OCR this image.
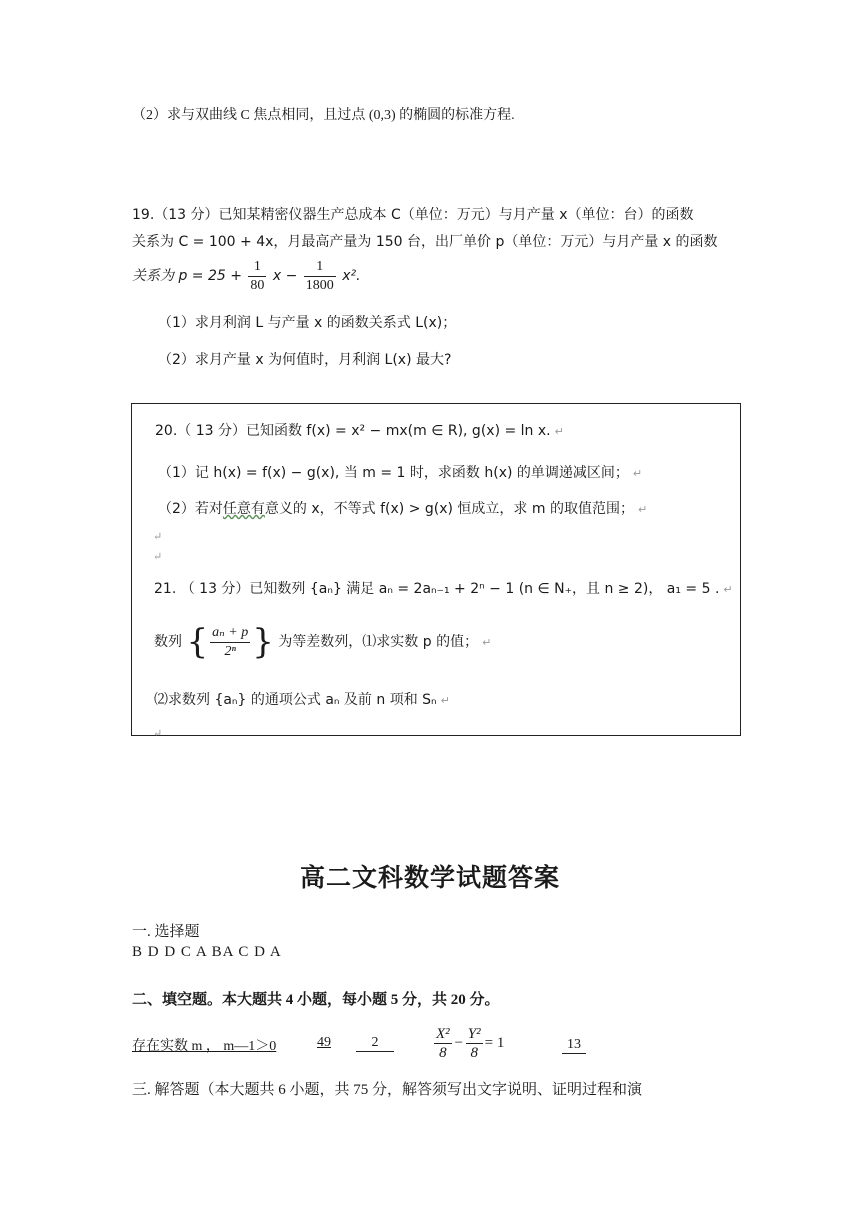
（2）求与双曲线 C 焦点相同，且过点 (0,3) 的椭圆的标准方程.
19.（13 分）已知某精密仪器生产总成本 C（单位：万元）与月产量 x（单位：台）的函数
关系为 C = 100 + 4x，月最高产量为 150 台，出厂单价 p（单位：万元）与月产量 x 的函数
关系为 $p = 25 + \frac{1}{80}$ $x - \frac{1}{1800} x^2$.
（1）求月利润 L 与产量 x 的函数关系式 L(x)；
（2）求月产量 x 为何值时，月利润 L(x) 最大?
20.（ 13 分）已知函数 f(x) = x² − mx(m ∈ R), g(x) = ln x. ↵
（1）记 h(x) = f(x) − g(x), 当 m = 1 时，求函数 h(x) 的单调递减区间； ↵
（2）若对任意有意义的 x，不等式 f(x) > g(x) 恒成立，求 m 的取值范围； ↵
↵
↵
21. （ 13 分）已知数列 {aₙ} 满足 aₙ = 2aₙ₋₁ + 2ⁿ − 1 (n ∈ N₊，且 n ≥ 2)， a₁ = 5 . ↵
数列 { $\frac{\text{aₙ + p}}{\text{2ⁿ}}$ } 为等差数列，⑴求实数 p 的值； ↵
⑵求数列 {aₙ} 的通项公式 aₙ 及前 n 项和 Sₙ ↵
↵
高二文科数学试题答案
一. 选择题
B D D C A BA C D A
二、填空题。本大题共 4 小题，每小题 5 分，共 20 分。
存在实数 m ， m—1＞0	49	2	$\frac{\text{X²}}{8} - \frac{\text{Y²}}{8} = 1$	13
三. 解答题（本大题共 6 小题，共 75 分，解答须写出文字说明、证明过程和演
